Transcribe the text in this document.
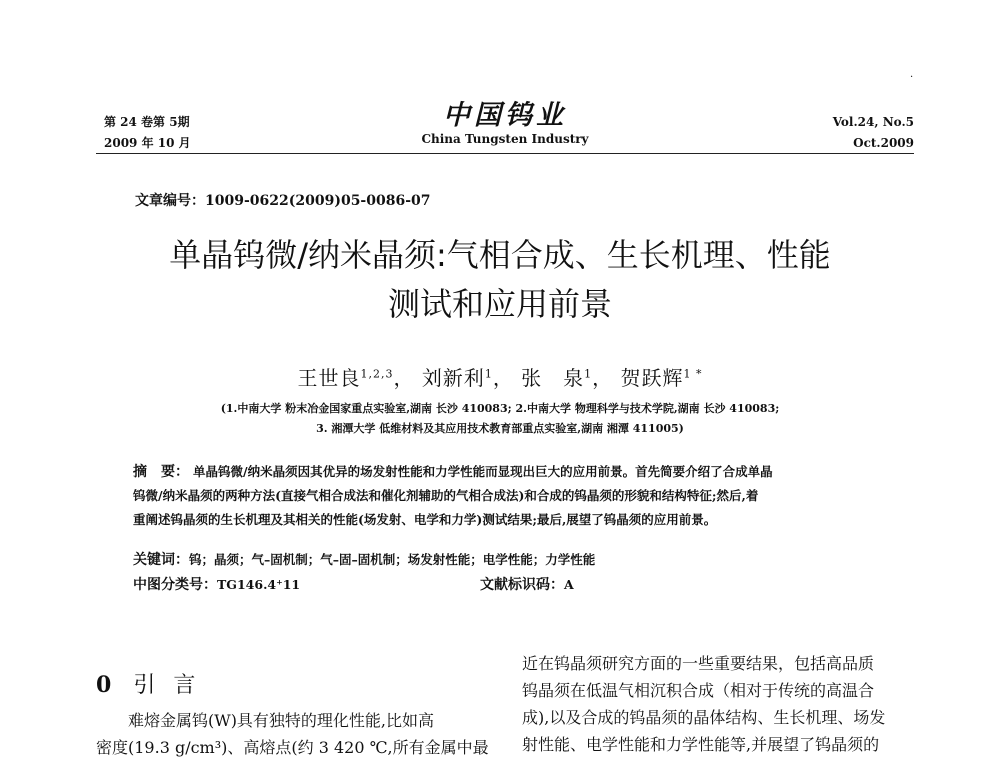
.
第 24 卷第 5期
2009 年 10 月
中国钨业
China Tungsten Industry
Vol.24, No.5
Oct.2009
文章编号：1009-0622(2009)05-0086-07
单晶钨微/纳米晶须:气相合成、生长机理、性能
测试和应用前景
王世良$^{1,2,3}$， 刘新利$^1$， 张　泉$^1$， 贺跃辉$^{1 *}$
(1.中南大学 粉末冶金国家重点实验室,湖南 长沙 410083; 2.中南大学 物理科学与技术学院,湖南 长沙 410083;
3. 湘潭大学 低维材料及其应用技术教育部重点实验室,湖南 湘潭 411005)
摘　要： 单晶钨微/纳米晶须因其优异的场发射性能和力学性能而显现出巨大的应用前景。首先简要介绍了合成单晶
钨微/纳米晶须的两种方法(直接气相合成法和催化剂辅助的气相合成法)和合成的钨晶须的形貌和结构特征;然后,着
重阐述钨晶须的生长机理及其相关的性能(场发射、电学和力学)测试结果;最后,展望了钨晶须的应用前景。
关键词：钨；晶须；气–固机制；气–固–固机制；场发射性能；电学性能；力学性能
中图分类号：TG146.4⁺11	文献标识码：A
0 引言

难熔金属钨(W)具有独特的理化性能,比如高

密度(19.3 g/cm³)、高熔点(约 3 420 ℃,所有金属中最

近在钨晶须研究方面的一些重要结果，包括高品质

钨晶须在低温气相沉积合成（相对于传统的高温合

成),以及合成的钨晶须的晶体结构、生长机理、场发

射性能、电学性能和力学性能等,并展望了钨晶须的
